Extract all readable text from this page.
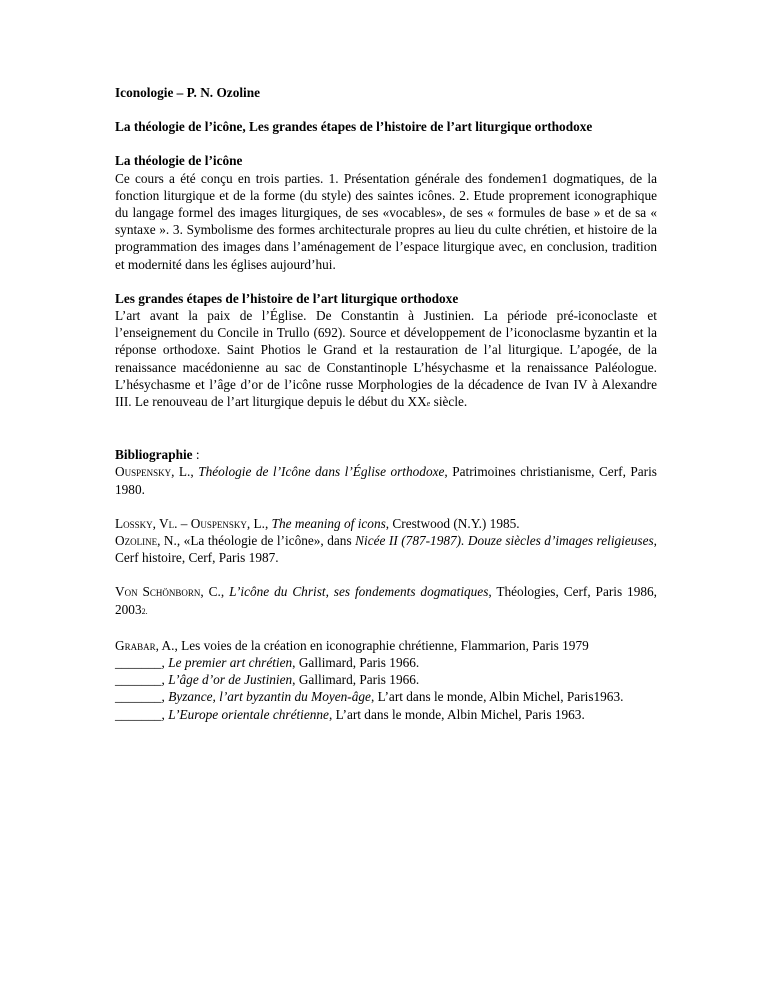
Iconologie – P. N. Ozoline

La théologie de l’icône, Les grandes étapes de l’histoire de l’art liturgique orthodoxe

La théologie de l’icône

Ce cours a été conçu en trois parties. 1. Présentation générale des fondemen1 dogmatiques, de la fonction liturgique et de la forme (du style) des saintes icônes. 2. Etude proprement iconographique du langage formel des images liturgiques, de ses «vocables», de ses « formules de base » et de sa « syntaxe ». 3. Symbolisme des formes architecturale propres au lieu du culte chrétien, et histoire de la programmation des images dans l’aménagement de l’espace liturgique avec, en conclusion, tradition et modernité dans les églises aujourd’hui.

Les grandes étapes de l’histoire de l’art liturgique orthodoxe

L’art avant la paix de l’Église. De Constantin à Justinien. La période pré-iconoclaste et l’enseignement du Concile in Trullo (692). Source et développement de l’iconoclasme byzantin et la réponse orthodoxe. Saint Photios le Grand et la restauration de l’al liturgique. L’apogée, de la renaissance macédonienne au sac de Constantinople L’hésychasme et la renaissance Paléologue. L’hésychasme et l’âge d’or de l’icône russe Morphologies de la décadence de Ivan IV à Alexandre III. Le renouveau de l’art liturgique depuis le début du XXe siècle.

Bibliographie :

Ouspensky, L., Théologie de l’Icône dans l’Église orthodoxe, Patrimoines christianisme, Cerf, Paris 1980.

Lossky, Vl. – Ouspensky, L., The meaning of icons, Crestwood (N.Y.) 1985.

Ozoline, N., «La théologie de l’icône», dans Nicée II (787-1987). Douze siècles d’images religieuses, Cerf histoire, Cerf, Paris 1987.

Von Schönborn, C., L’icône du Christ, ses fondements dogmatiques, Théologies, Cerf, Paris 1986, 20032.

Grabar, A., Les voies de la création en iconographie chrétienne, Flammarion, Paris 1979

_______, Le premier art chrétien, Gallimard, Paris 1966.

_______, L’âge d’or de Justinien, Gallimard, Paris 1966.

_______, Byzance, l’art byzantin du Moyen-âge, L’art dans le monde, Albin Michel, Paris1963.

_______, L’Europe orientale chrétienne, L’art dans le monde, Albin Michel, Paris 1963.
